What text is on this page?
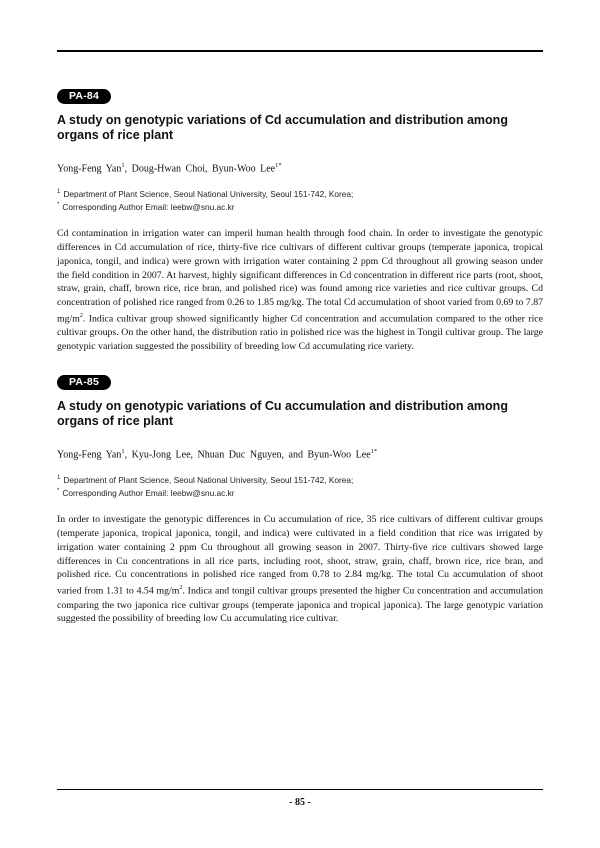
PA-84
A study on genotypic variations of Cd accumulation and distribution among organs of rice plant

Yong-Feng Yan$^1$, Doug-Hwan Choi, Byun-Woo Lee$^{1*}$

$^1$ Department of Plant Science, Seoul National University, Seoul 151-742, Korea;
* Corresponding Author Email: leebw@snu.ac.kr

Cd contamination in irrigation water can imperil human health through food chain. In order to investigate the genotypic differences in Cd accumulation of rice, thirty-five rice cultivars of different cultivar groups (temperate japonica, tropical japonica, tongil, and indica) were grown with irrigation water containing 2 ppm Cd throughout all growing season under the field condition in 2007. At harvest, highly significant differences in Cd concentration in different rice parts (root, shoot, straw, grain, chaff, brown rice, rice bran, and polished rice) was found among rice varieties and rice cultivar groups. Cd concentration of polished rice ranged from 0.26 to 1.85 mg/kg. The total Cd accumulation of shoot varied from 0.69 to 7.87 $mg/m^2$. Indica cultivar group showed significantly higher Cd concentration and accumulation compared to the other rice cultivar groups. On the other hand, the distribution ratio in polished rice was the highest in Tongil cultivar group. The large genotypic variation suggested the possibility of breeding low Cd accumulating rice variety.

PA-85
A study on genotypic variations of Cu accumulation and distribution among organs of rice plant

Yong-Feng Yan$^1$, Kyu-Jong Lee, Nhuan Duc Nguyen, and Byun-Woo Lee$^{1*}$

$^1$ Department of Plant Science, Seoul National University, Seoul 151-742, Korea;
* Corresponding Author Email: leebw@snu.ac.kr

In order to investigate the genotypic differences in Cu accumulation of rice, 35 rice cultivars of different cultivar groups (temperate japonica, tropical japonica, tongil, and indica) were cultivated in a field condition that rice was irrigated by irrigation water containing 2 ppm Cu throughout all growing season in 2007. Thirty-five rice cultivars showed large differences in Cu concentrations in all rice parts, including root, shoot, straw, grain, chaff, brown rice, rice bran, and polished rice. Cu concentrations in polished rice ranged from 0.78 to 2.84 mg/kg. The total Cu accumulation of shoot varied from 1.31 to 4.54 $mg/m^2$. Indica and tongil cultivar groups presented the higher Cu concentration and accumulation comparing the two japonica rice cultivar groups (temperate japonica and tropical japonica). The large genotypic variation suggested the possibility of breeding low Cu accumulating rice cultivar.

- 85 -
